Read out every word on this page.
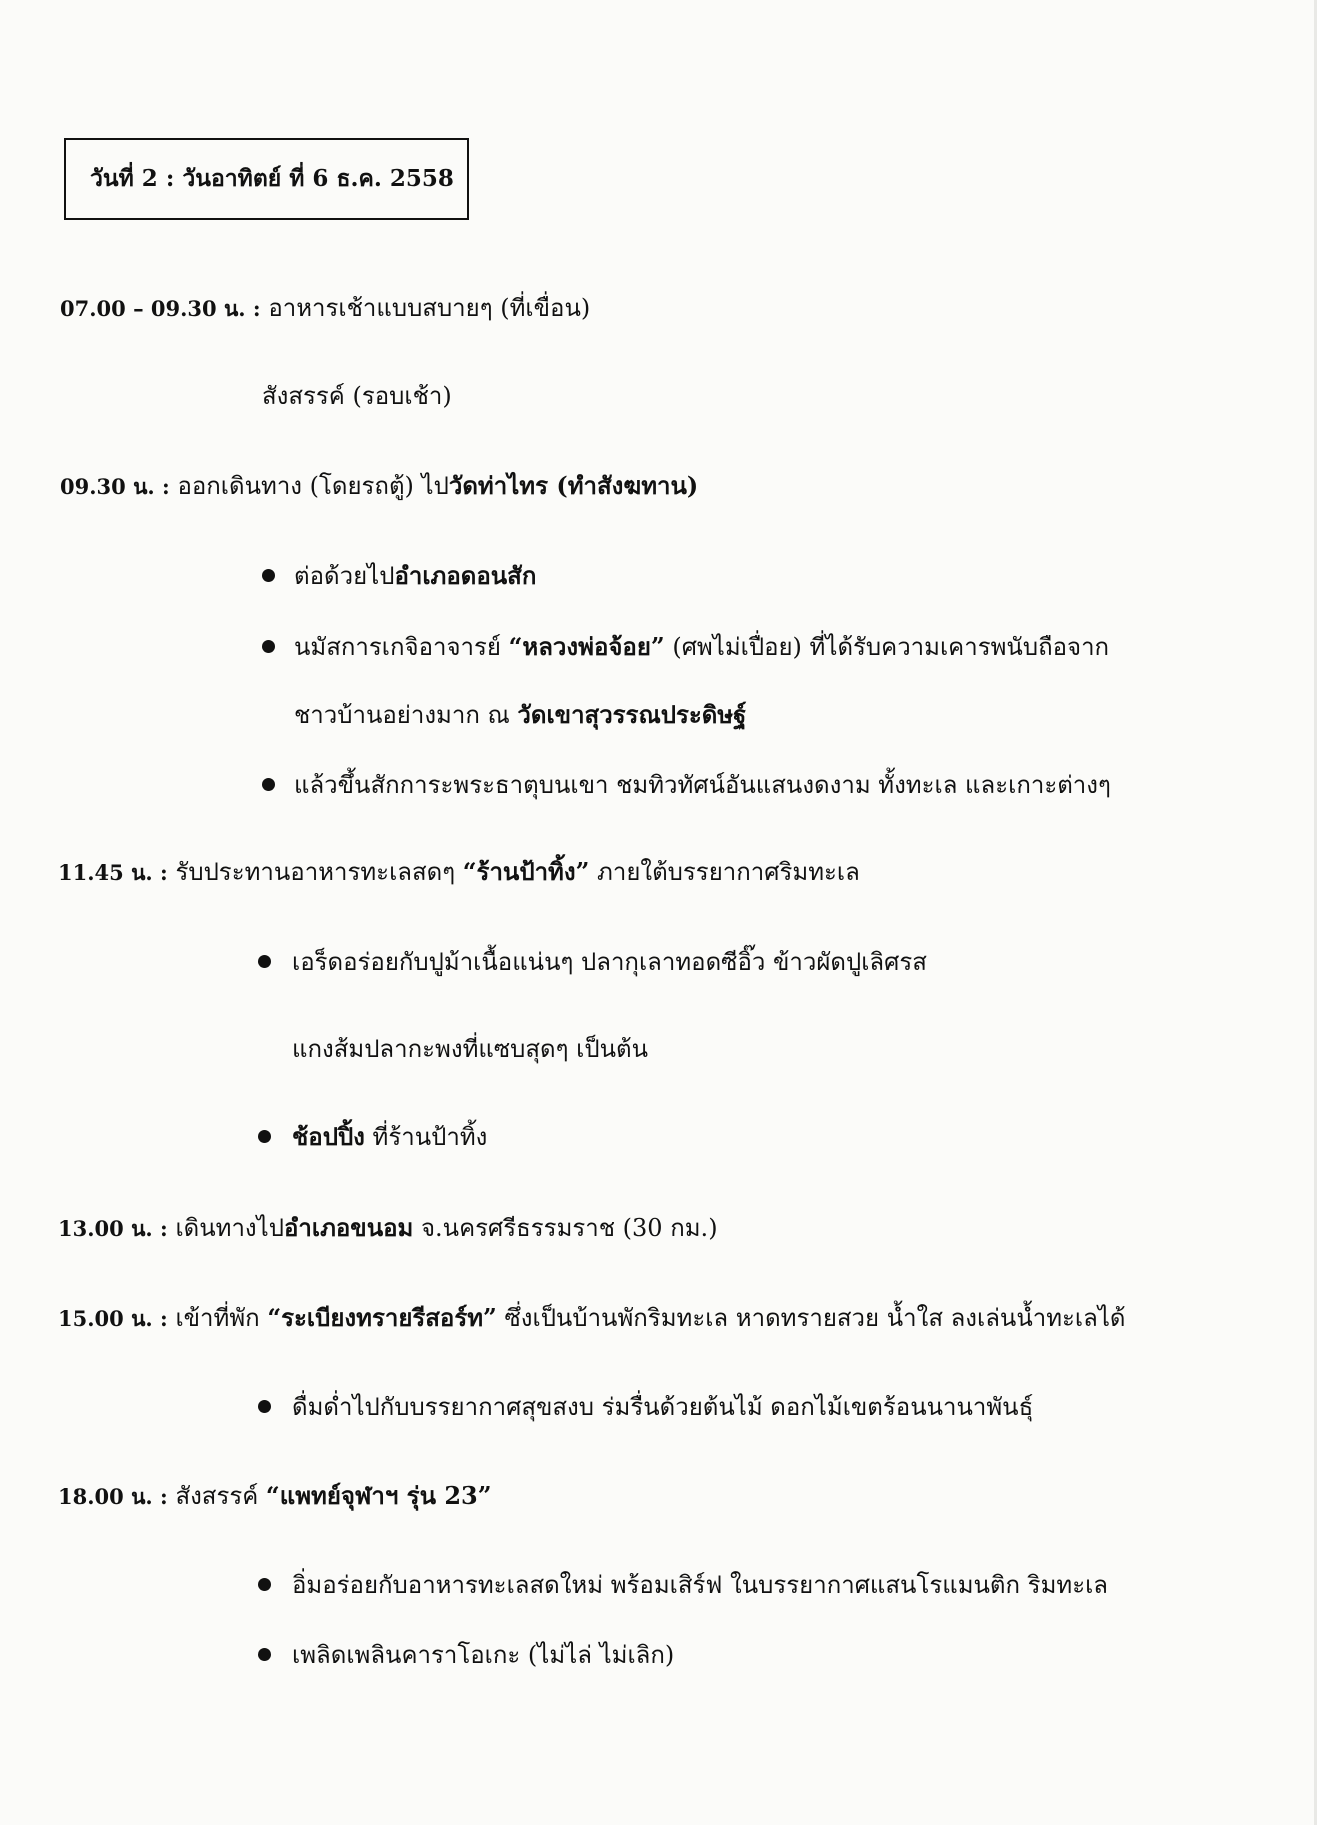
วันที่ 2 : วันอาทิตย์ ที่ 6 ธ.ค. 2558
07.00 – 09.30 น. : อาหารเช้าแบบสบายๆ (ที่เขื่อน)
สังสรรค์ (รอบเช้า)
09.30 น. : ออกเดินทาง (โดยรถตู้) ไปวัดท่าไทร (ทำสังฆทาน)
ต่อด้วยไปอำเภอดอนสัก
นมัสการเกจิอาจารย์ “หลวงพ่อจ้อย” (ศพไม่เปื่อย) ที่ได้รับความเคารพนับถือจาก
ชาวบ้านอย่างมาก ณ วัดเขาสุวรรณประดิษฐ์
แล้วขึ้นสักการะพระธาตุบนเขา ชมทิวทัศน์อันแสนงดงาม ทั้งทะเล และเกาะต่างๆ
11.45 น. : รับประทานอาหารทะเลสดๆ “ร้านป้าทิ้ง” ภายใต้บรรยากาศริมทะเล
เอร็ดอร่อยกับปูม้าเนื้อแน่นๆ ปลากุเลาทอดซีอิ๊ว ข้าวผัดปูเลิศรส
แกงส้มปลากะพงที่แซบสุดๆ เป็นต้น
ช้อปปิ้ง ที่ร้านป้าทิ้ง
13.00 น. : เดินทางไปอำเภอขนอม จ.นครศรีธรรมราช (30 กม.)
15.00 น. : เข้าที่พัก “ระเบียงทรายรีสอร์ท” ซึ่งเป็นบ้านพักริมทะเล หาดทรายสวย น้ำใส ลงเล่นน้ำทะเลได้
ดื่มด่ำไปกับบรรยากาศสุขสงบ ร่มรื่นด้วยต้นไม้ ดอกไม้เขตร้อนนานาพันธุ์
18.00 น. : สังสรรค์ “แพทย์จุฬาฯ รุ่น 23”
อิ่มอร่อยกับอาหารทะเลสดใหม่ พร้อมเสิร์ฟ ในบรรยากาศแสนโรแมนติก ริมทะเล
เพลิดเพลินคาราโอเกะ (ไม่ไล่ ไม่เลิก)
